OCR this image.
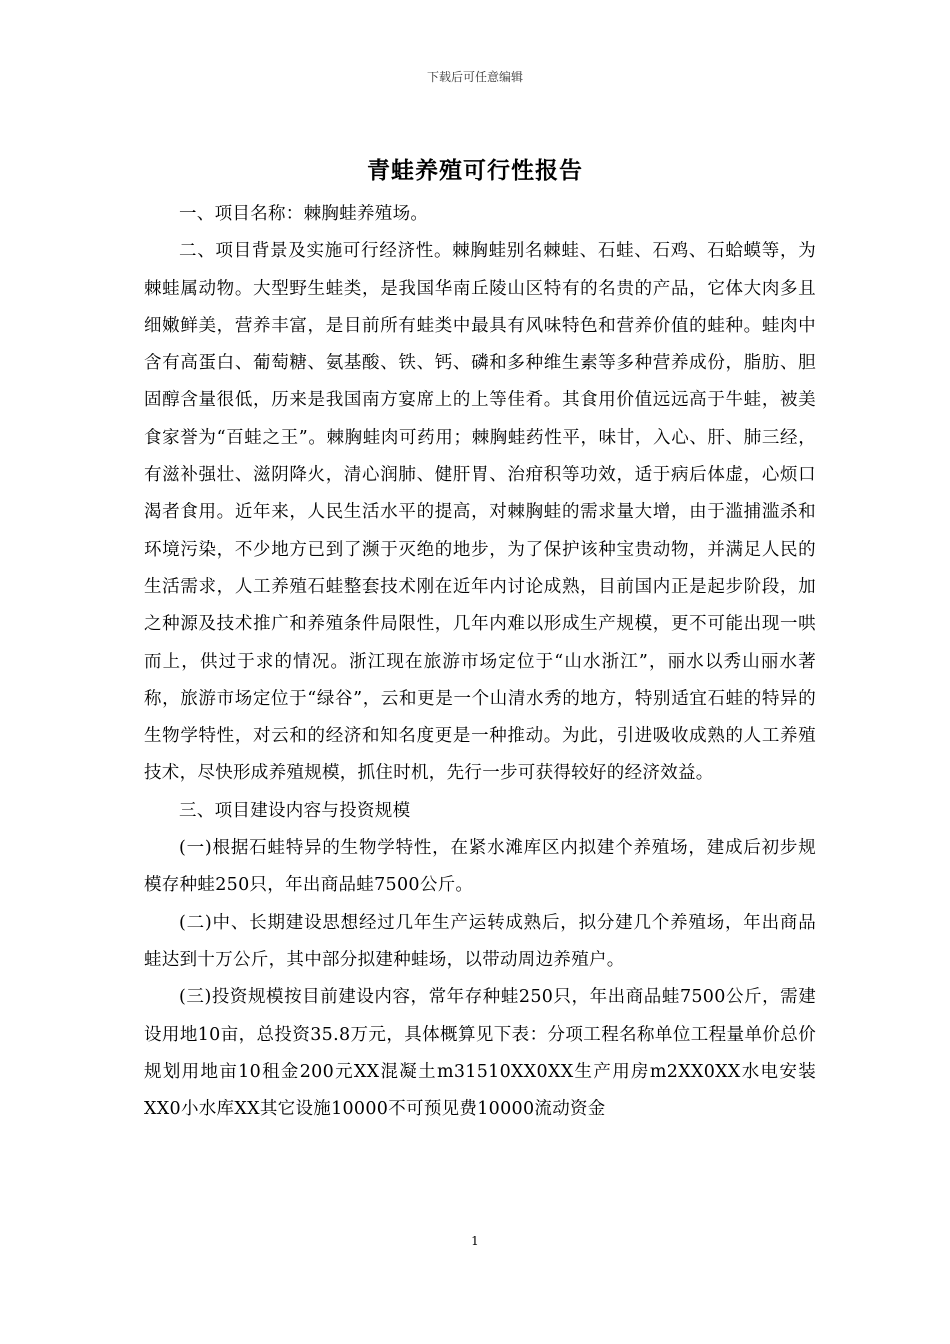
下载后可任意编辑
青蛙养殖可行性报告

一、项目名称：棘胸蛙养殖场。

二、项目背景及实施可行经济性。棘胸蛙别名棘蛙、石蛙、石鸡、石蛤蟆等，为棘蛙属动物。大型野生蛙类，是我国华南丘陵山区特有的名贵的产品，它体大肉多且细嫩鲜美，营养丰富，是目前所有蛙类中最具有风味特色和营养价值的蛙种。蛙肉中含有高蛋白、葡萄糖、氨基酸、铁、钙、磷和多种维生素等多种营养成份，脂肪、胆固醇含量很低，历来是我国南方宴席上的上等佳肴。其食用价值远远高于牛蛙，被美食家誉为“百蛙之王”。棘胸蛙肉可药用；棘胸蛙药性平，味甘，入心、肝、肺三经，有滋补强壮、滋阴降火，清心润肺、健肝胃、治疳积等功效，适于病后体虚，心烦口渴者食用。近年来，人民生活水平的提高，对棘胸蛙的需求量大增，由于滥捕滥杀和环境污染，不少地方已到了濒于灭绝的地步，为了保护该种宝贵动物，并满足人民的生活需求，人工养殖石蛙整套技术刚在近年内讨论成熟，目前国内正是起步阶段，加之种源及技术推广和养殖条件局限性，几年内难以形成生产规模，更不可能出现一哄而上，供过于求的情况。浙江现在旅游市场定位于“山水浙江”，丽水以秀山丽水著称，旅游市场定位于“绿谷”，云和更是一个山清水秀的地方，特别适宜石蛙的特异的生物学特性，对云和的经济和知名度更是一种推动。为此，引进吸收成熟的人工养殖技术，尽快形成养殖规模，抓住时机，先行一步可获得较好的经济效益。

三、项目建设内容与投资规模

(一)根据石蛙特异的生物学特性，在紧水滩库区内拟建个养殖场，建成后初步规模存种蛙250只，年出商品蛙7500公斤。

(二)中、长期建设思想经过几年生产运转成熟后，拟分建几个养殖场，年出商品蛙达到十万公斤，其中部分拟建种蛙场，以带动周边养殖户。

(三)投资规模按目前建设内容，常年存种蛙250只，年出商品蛙7500公斤，需建设用地10亩，总投资35.8万元，具体概算见下表：分项工程名称单位工程量单价总价规划用地亩10租金200元XX混凝土m31510XX0XX生产用房m2XX0XX水电安装XX0小水库XX其它设施10000不可预见费10000流动资金

1
